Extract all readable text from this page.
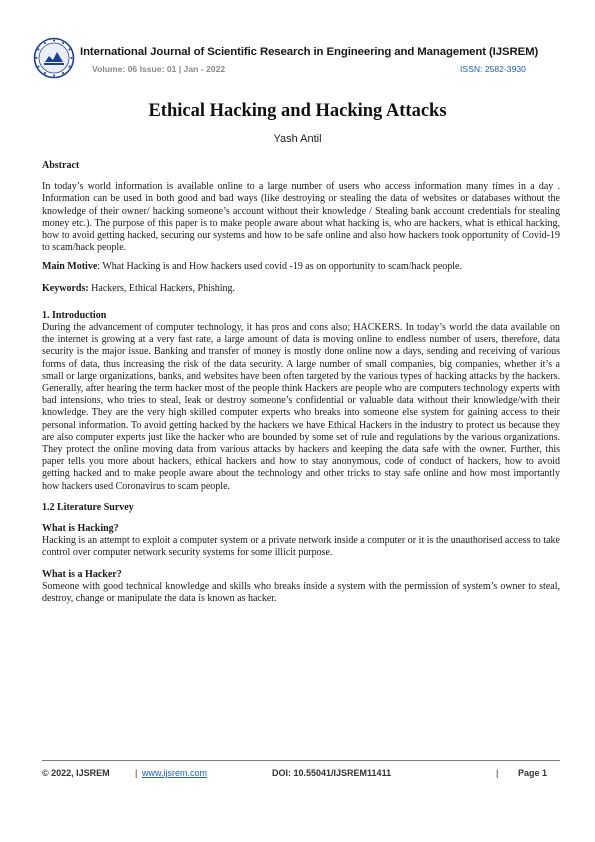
International Journal of Scientific Research in Engineering and Management (IJSREM)
Volume: 06 Issue: 01 | Jan - 2022	ISSN: 2582-3930
Ethical Hacking and Hacking Attacks
Yash Antil

Abstract

In today’s world information is available online to a large number of users who access information many times in a day . Information can be used in both good and bad ways (like destroying or stealing the data of websites or databases without the knowledge of their owner/ hacking someone’s account without their knowledge / Stealing bank account credentials for stealing money etc.). The purpose of this paper is to make people aware about what hacking is, who are hackers, what is ethical hacking, how to avoid getting hacked, securing our systems and how to be safe online and also how hackers took opportunity of Covid-19 to scam/hack people.

Main Motive: What Hacking is and How hackers used covid -19 as on opportunity to scam/hack people.

Keywords: Hackers, Ethical Hackers, Phishing.

1. Introduction

During the advancement of computer technology, it has pros and cons also; HACKERS. In today’s world the data available on the internet is growing at a very fast rate, a large amount of data is moving online to endless number of users, therefore, data security is the major issue. Banking and transfer of money is mostly done online now a days, sending and receiving of various forms of data, thus increasing the risk of the data security. A large number of small companies, big companies, whether it’s a small or large organizations, banks, and websites have been often targeted by the various types of hacking attacks by the hackers. Generally, after hearing the term hacker most of the people think Hackers are people who are computers technology experts with bad intensions, who tries to steal, leak or destroy someone’s confidential or valuable data without their knowledge/with their knowledge. They are the very high skilled computer experts who breaks into someone else system for gaining access to their personal information. To avoid getting hacked by the hackers we have Ethical Hackers in the industry to protect us because they are also computer experts just like the hacker who are bounded by some set of rule and regulations by the various organizations. They protect the online moving data from various attacks by hackers and keeping the data safe with the owner. Further, this paper tells you more about hackers, ethical hackers and how to stay anonymous, code of conduct of hackers, how to avoid getting hacked and to make people aware about the technology and other tricks to stay safe online and how most importantly how hackers used Coronavirus to scam people.

1.2 Literature Survey

What is Hacking?

Hacking is an attempt to exploit a computer system or a private network inside a computer or it is the unauthorised access to take control over computer network security systems for some illicit purpose.

What is a Hacker?

Someone with good technical knowledge and skills who breaks inside a system with the permission of system’s owner to steal, destroy, change or manipulate the data is known as hacker.

© 2022, IJSREM	| www.ijsrem.com	DOI: 10.55041/IJSREM11411	| Page 1
